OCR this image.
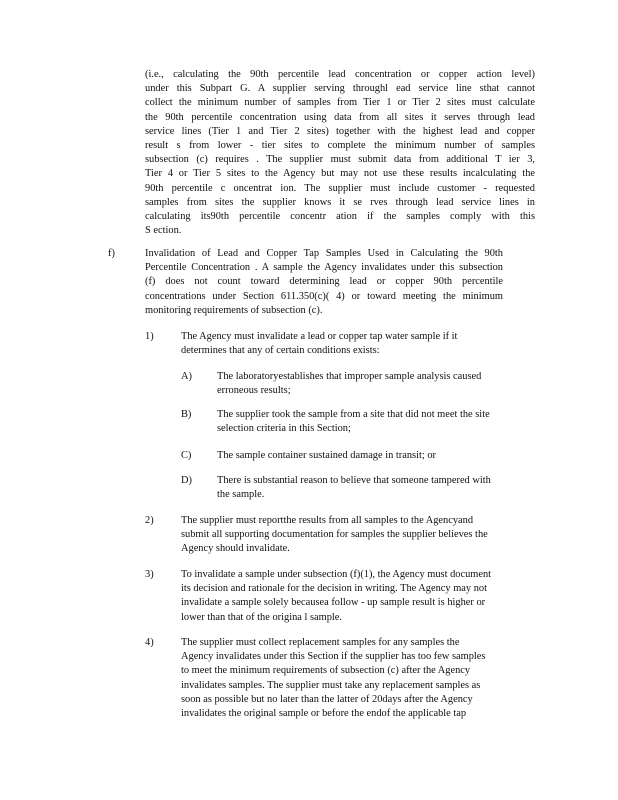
(i.e., calculating the 90th percentile lead concentration or copper action level)
under this Subpart G. A supplier serving throughl ead service line sthat cannot
collect the minimum number of samples from Tier 1 or Tier 2 sites must calculate
the 90th percentile concentration using data from all sites it serves through lead
service lines (Tier 1 and Tier 2 sites) together with the highest lead and copper
result s from lower - tier sites to complete the minimum number of samples
subsection (c) requires . The supplier must submit data from additional T ier 3,
Tier 4 or Tier 5 sites to the Agency but may not use these results incalculating the
90th percentile c oncentrat ion. The supplier must include customer - requested
samples from sites the supplier knows it se rves through lead service lines in
calculating its90th percentile concentr ation if the samples comply with this
S ection.
f)	Invalidation of Lead and Copper Tap Samples Used in Calculating the 90th
Percentile Concentration . A sample the Agency invalidates under this subsection
(f) does not count toward determining lead or copper 90th percentile
concentrations under Section 611.350(c)( 4) or toward meeting the minimum
monitoring requirements of subsection (c).
1)	The Agency must invalidate a lead or copper tap water sample if it
determines that any of certain conditions exists:
A) The laboratoryestablishes that improper sample analysis caused
erroneous results;
B) The supplier took the sample from a site that did not meet the site
selection criteria in this Section;
C) The sample container sustained damage in transit; or
D) There is substantial reason to believe that someone tampered with
the sample.
2)	The supplier must reportthe results from all samples to the Agencyand
submit all supporting documentation for samples the supplier believes the
Agency should invalidate.
3)	To invalidate a sample under subsection (f)(1), the Agency must document
its decision and rationale for the decision in writing. The Agency may not
invalidate a sample solely becausea follow - up sample result is higher or
lower than that of the origina l sample.
4)	The supplier must collect replacement samples for any samples the
Agency invalidates under this Section if the supplier has too few samples
to meet the minimum requirements of subsection (c) after the Agency
invalidates samples. The supplier must take any replacement samples as
soon as possible but no later than the latter of 20days after the Agency
invalidates the original sample or before the endof the applicable tap
